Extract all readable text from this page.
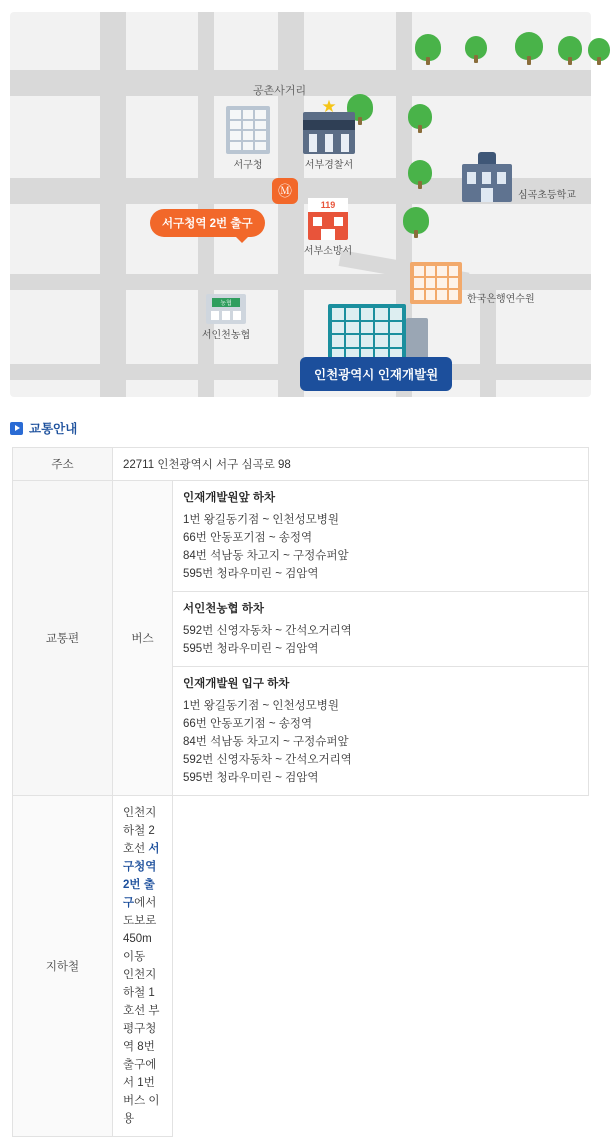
공촌사거리
서구청
★
서부경찰서
119
서부소방서
심곡초등학교
한국은행연수원
농협
서인천농협
Ⓜ
서구청역 2번 출구
인천광역시 인재개발원
교통안내
주소	22711 인천광역시 서구 심곡로 98	
교통편	버스	인재개발원앞 하차
1번 왕길동기점 ~ 인천성모병원
66번 안동포기점 ~ 송정역
84번 석남동 차고지 ~ 구정슈퍼앞
595번 청라우미린 ~ 검암역

		서인천농협 하차
592번 신영자동차 ~ 간석오거리역
595번 청라우미린 ~ 검암역

인재개발원 입구 하차
1번 왕길동기점 ~ 인천성모병원
66번 안동포기점 ~ 송정역
84번 석남동 차고지 ~ 구정슈퍼앞
592번 신영자동차 ~ 간석오거리역
595번 청라우미린 ~ 검암역

지하철	인천지하철 2호선 서구청역 2번 출구에서 도보로 450m 이동
인천지하철 1호선 부평구청역 8번 출구에서 1번 버스 이용	
